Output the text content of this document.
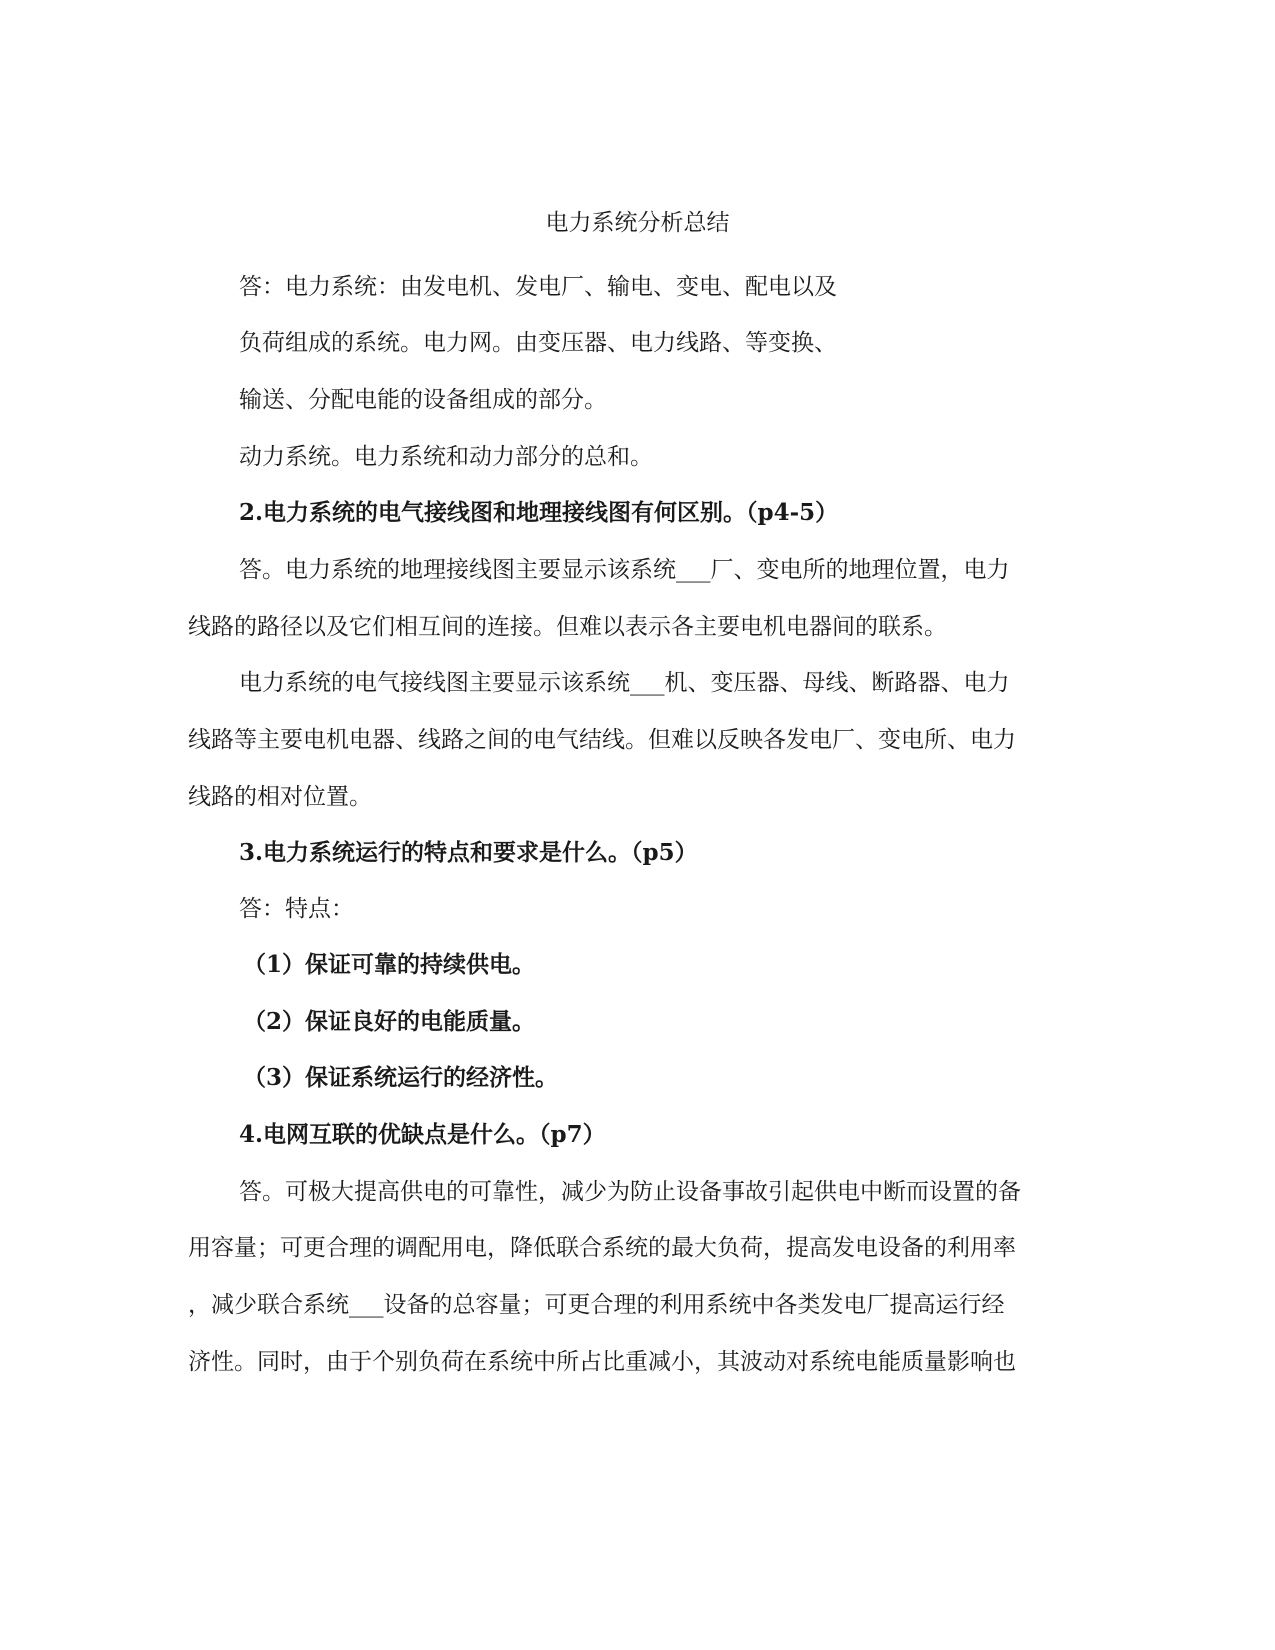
电力系统分析总结
答：电力系统：由发电机、发电厂、输电、变电、配电以及
负荷组成的系统。电力网。由变压器、电力线路、等变换、
输送、分配电能的设备组成的部分。
动力系统。电力系统和动力部分的总和。
2.电力系统的电气接线图和地理接线图有何区别。（p4-5）
答。电力系统的地理接线图主要显示该系统___厂、变电所的地理位置，电力
线路的路径以及它们相互间的连接。但难以表示各主要电机电器间的联系。
电力系统的电气接线图主要显示该系统___机、变压器、母线、断路器、电力
线路等主要电机电器、线路之间的电气结线。但难以反映各发电厂、变电所、电力
线路的相对位置。
3.电力系统运行的特点和要求是什么。（p5）
答：特点：
（1）保证可靠的持续供电。
（2）保证良好的电能质量。
（3）保证系统运行的经济性。
4.电网互联的优缺点是什么。（p7）
答。可极大提高供电的可靠性，减少为防止设备事故引起供电中断而设置的备
用容量；可更合理的调配用电，降低联合系统的最大负荷，提高发电设备的利用率
，减少联合系统___设备的总容量；可更合理的利用系统中各类发电厂提高运行经
济性。同时，由于个别负荷在系统中所占比重减小，其波动对系统电能质量影响也
